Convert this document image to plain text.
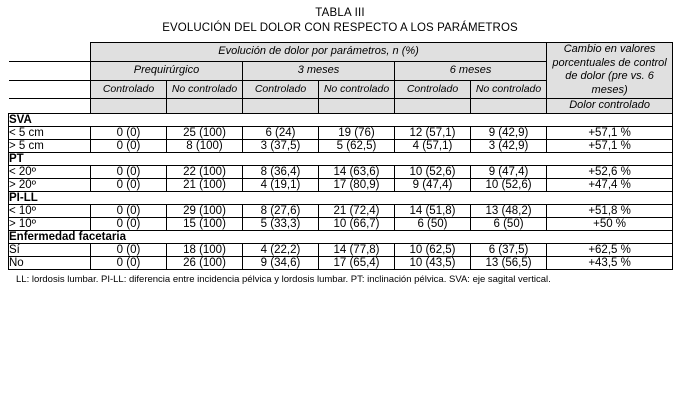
TABLA III
EVOLUCIÓN DEL DOLOR CON RESPECTO A LOS PARÁMETROS
	Evolución de dolor por parámetros, n (%)						Cambio en valores porcentuales de control de dolor (pre vs. 6 meses)
	Prequirúrgico		3 meses		6 meses		
	Controlado	No controlado	Controlado	No controlado	Controlado	No controlado	
							Dolor controlado
SVA							
< 5 cm	0 (0)	25 (100)	6 (24)	19 (76)	12 (57,1)	9 (42,9)	+57,1 %
> 5 cm	0 (0)	8 (100)	3 (37,5)	5 (62,5)	4 (57,1)	3 (42,9)	+57,1 %
PT							
< 20º	0 (0)	22 (100)	8 (36,4)	14 (63,6)	10 (52,6)	9 (47,4)	+52,6 %
> 20º	0 (0)	21 (100)	4 (19,1)	17 (80,9)	9 (47,4)	10 (52,6)	+47,4 %
PI-LL							
< 10º	0 (0)	29 (100)	8 (27,6)	21 (72,4)	14 (51,8)	13 (48,2)	+51,8 %
> 10º	0 (0)	15 (100)	5 (33,3)	10 (66,7)	6 (50)	6 (50)	+50 %
Enfermedad facetaria							
Sí	0 (0)	18 (100)	4 (22,2)	14 (77,8)	10 (62,5)	6 (37,5)	+62,5 %
No	0 (0)	26 (100)	9 (34,6)	17 (65,4)	10 (43,5)	13 (56,5)	+43,5 %
LL: lordosis lumbar. PI-LL: diferencia entre incidencia pélvica y lordosis lumbar. PT: inclinación pélvica. SVA: eje sagital vertical.
